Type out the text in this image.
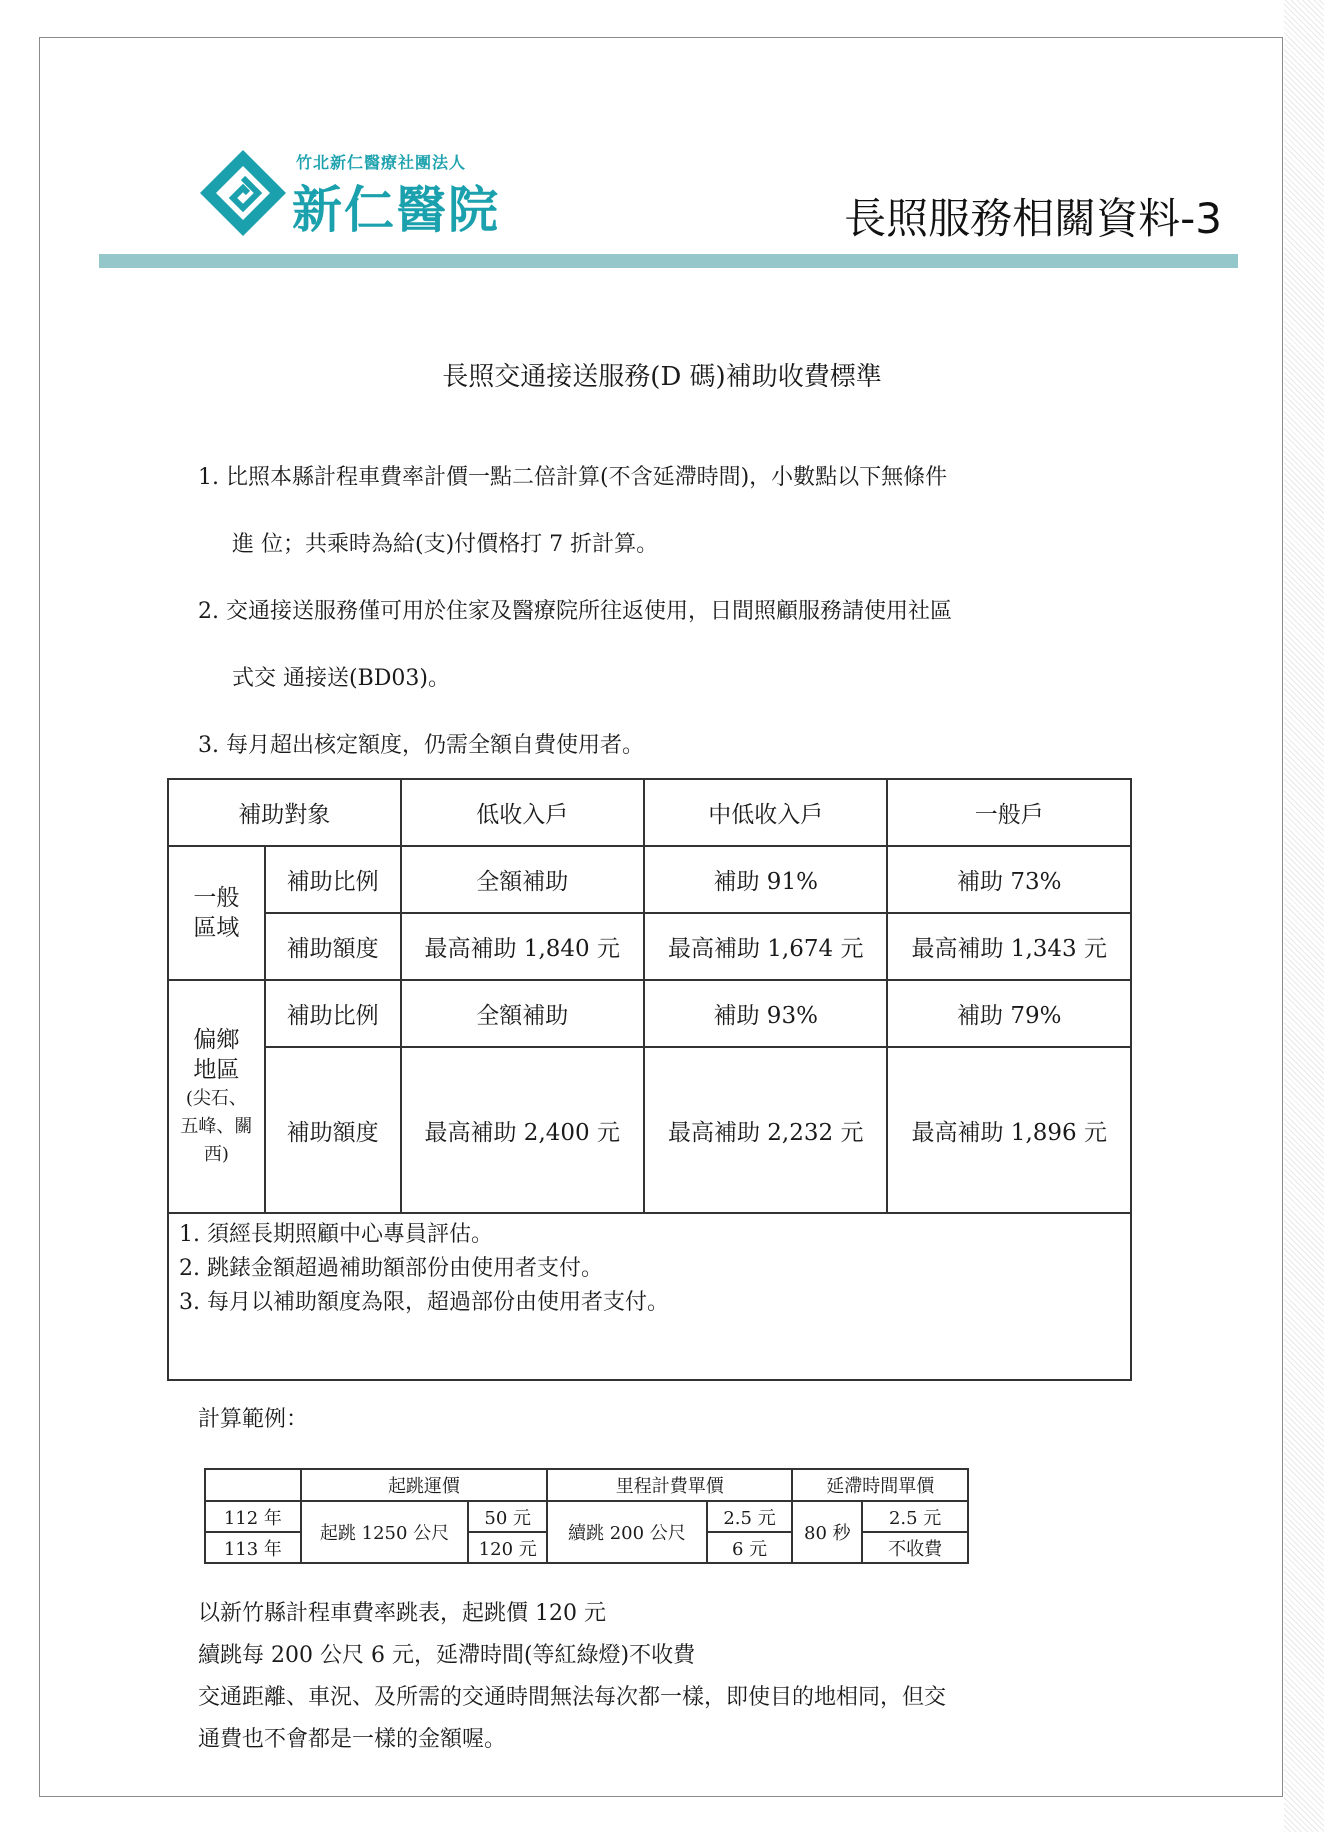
竹北新仁醫療社團法人
新仁醫院	長照服務相關資料-3
長照交通接送服務(D 碼)補助收費標準
1. 比照本縣計程車費率計價一點二倍計算(不含延滯時間)，小數點以下無條件
進 位；共乘時為給(支)付價格打 7 折計算。
2. 交通接送服務僅可用於住家及醫療院所往返使用，日間照顧服務請使用社區
式交 通接送(BD03)。
3. 每月超出核定額度，仍需全額自費使用者。
補助對象		低收入戶	中低收入戶	一般戶

一般
區域	補助比例	全額補助	補助 91%	補助 73%
	補助額度	最高補助 1,840 元	最高補助 1,674 元	最高補助 1,343 元

偏鄉
地區
(尖石、
五峰、關
西)	補助比例	全額補助	補助 93%	補助 79%
	補助額度	最高補助 2,400 元	最高補助 2,232 元	最高補助 1,896 元

1. 須經長期照顧中心專員評估。
2. 跳錶金額超過補助額部份由使用者支付。
3. 每月以補助額度為限，超過部份由使用者支付。				
計算範例：
	起跳運價		里程計費單價		延滯時間單價	
112 年	起跳 1250 公尺	50 元	續跳 200 公尺	2.5 元	80 秒	2.5 元
113 年		120 元		6 元		不收費
以新竹縣計程車費率跳表，起跳價 120 元
續跳每 200 公尺 6 元，延滯時間(等紅綠燈)不收費
交通距離、車況、及所需的交通時間無法每次都一樣，即使目的地相同，但交
通費也不會都是一樣的金額喔。
